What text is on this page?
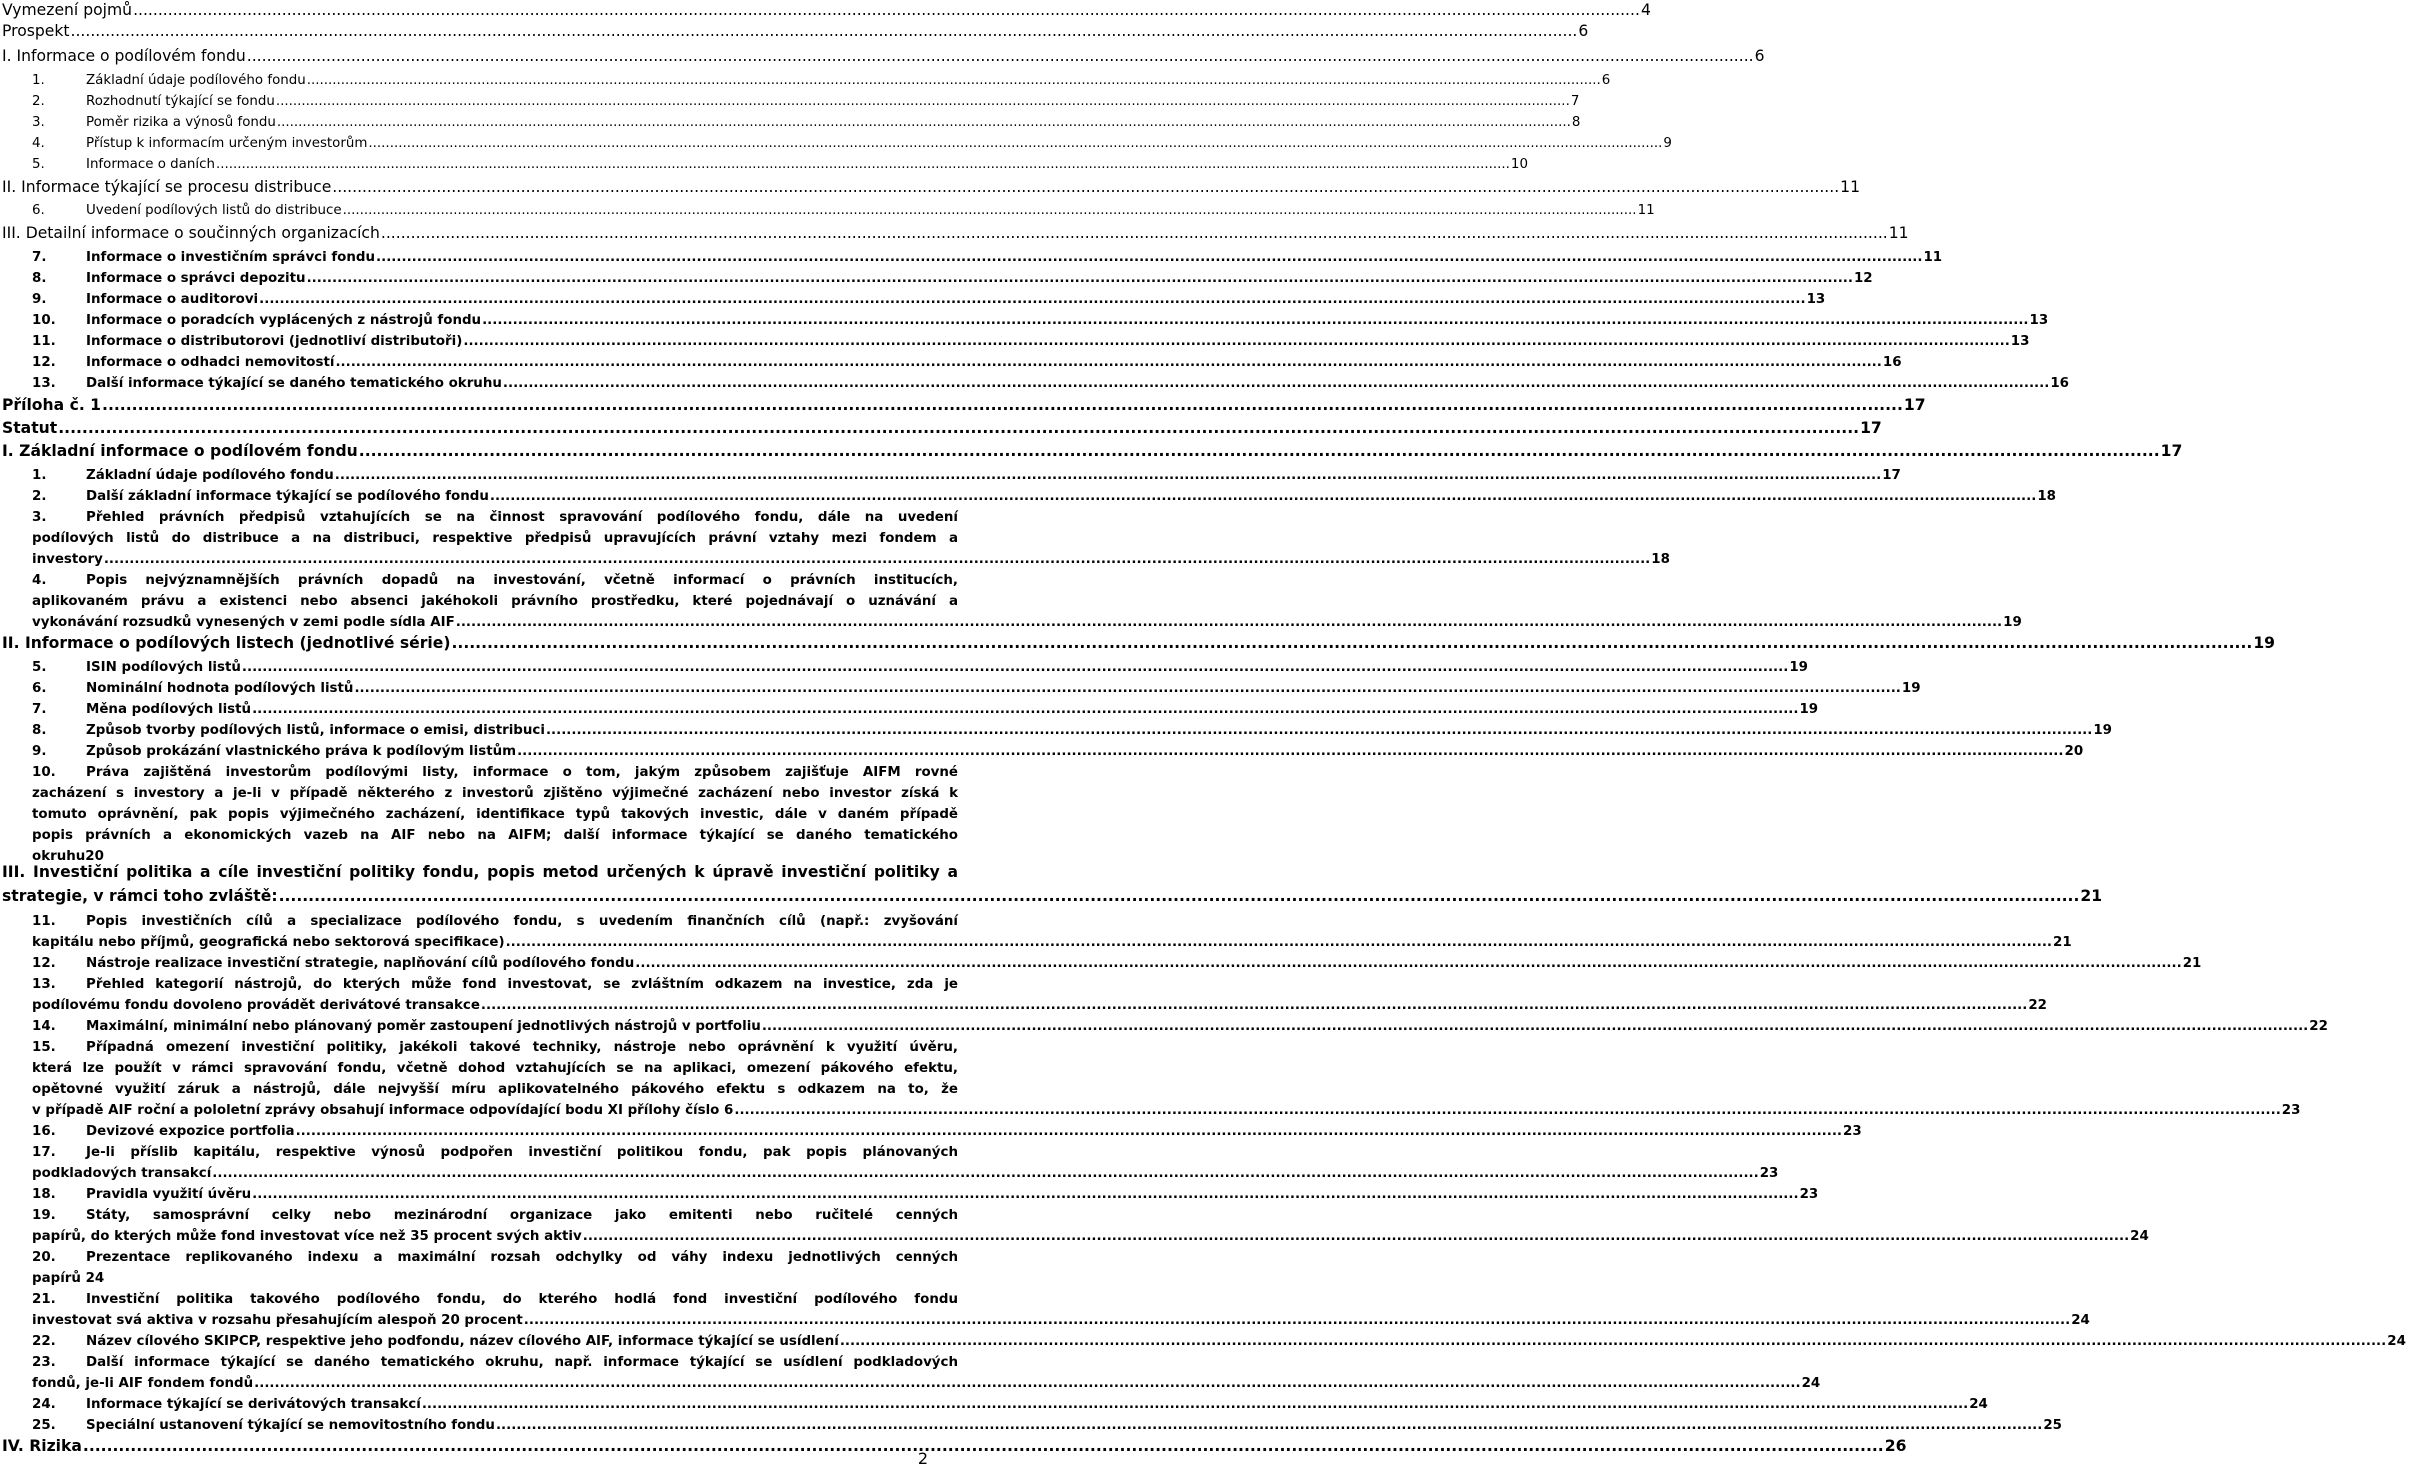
Vymezení pojmů .....	4
Prospekt .....	6
I. Informace o podílovém fondu .....	6
1.	Základní údaje podílového fondu .....	6
2.	Rozhodnutí týkající se fondu .....	7
3.	Poměr rizika a výnosů fondu .....	8
4.	Přístup k informacím určeným investorům .....	9
5.	Informace o daních .....	10
II. Informace týkající se procesu distribuce .....	11
6.	Uvedení podílových listů do distribuce .....	11
III. Detailní informace o součinných organizacích .....	11
7.	Informace o investičním správci fondu .....	11
8.	Informace o správci depozitu .....	12
9.	Informace o auditorovi .....	13
10. Informace o poradcích vyplácených z nástrojů fondu .....	13
11. Informace o distributorovi (jednotliví distributoři) .....	13
12. Informace o odhadci nemovitostí .....	16
13. Další informace týkající se daného tematického okruhu .....	16
Příloha č. 1 .....	17
Statut .....	17
I. Základní informace o podílovém fondu .....	17
1.	Základní údaje podílového fondu .....	17
2.	Další základní informace týkající se podílového fondu .....	18
3.	Přehled právních předpisů vztahujících se na činnost spravování podílového fondu, dále na uvedení
podílových listů do distribuce a na distribuci, respektive předpisů upravujících právní vztahy mezi fondem a
investory .....	18
4.	Popis nejvýznamnějších právních dopadů na investování, včetně informací o právních institucích,
aplikovaném právu a existenci nebo absenci jakéhokoli právního prostředku, které pojednávají o uznávání a
vykonávání rozsudků vynesených v zemi podle sídla AIF .....	19
II. Informace o podílových listech (jednotlivé série) .....	19
5.	ISIN podílových listů .....	19
6.	Nominální hodnota podílových listů .....	19
7.	Měna podílových listů .....	19
8.	Způsob tvorby podílových listů, informace o emisi, distribuci .....	19
9.	Způsob prokázání vlastnického práva k podílovým listům .....	20
10. Práva zajištěná investorům podílovými listy, informace o tom, jakým způsobem zajišťuje AIFM rovné
zacházení s investory a je-li v případě některého z investorů zjištěno výjimečné zacházení nebo investor získá k
tomuto oprávnění, pak popis výjimečného zacházení, identifikace typů takových investic, dále v daném případě
popis právních a ekonomických vazeb na AIF nebo na AIFM; další informace týkající se daného tematického
okruhu20
III. Investiční politika a cíle investiční politiky fondu, popis metod určených k úpravě investiční politiky a
strategie, v rámci toho zvláště: .....	21
11. Popis investičních cílů a specializace podílového fondu, s uvedením finančních cílů (např.: zvyšování
kapitálu nebo příjmů, geografická nebo sektorová specifikace) .....	21
12. Nástroje realizace investiční strategie, naplňování cílů podílového fondu .....	21
13. Přehled kategorií nástrojů, do kterých může fond investovat, se zvláštním odkazem na investice, zda je
podílovému fondu dovoleno provádět derivátové transakce .....	22
14. Maximální, minimální nebo plánovaný poměr zastoupení jednotlivých nástrojů v portfoliu .....	22
15. Případná omezení investiční politiky, jakékoli takové techniky, nástroje nebo oprávnění k využití úvěru,
která lze použít v rámci spravování fondu, včetně dohod vztahujících se na aplikaci, omezení pákového efektu,
opětovné využití záruk a nástrojů, dále nejvyšší míru aplikovatelného pákového efektu s odkazem na to, že
v případě AIF roční a pololetní zprávy obsahují informace odpovídající bodu XI přílohy číslo 6 .....	23
16. Devizové expozice portfolia .....	23
17. Je-li příslib kapitálu, respektive výnosů podpořen investiční politikou fondu, pak popis plánovaných
podkladových transakcí .....	23
18. Pravidla využití úvěru .....	23
19. Státy, samosprávní celky nebo mezinárodní organizace jako emitenti nebo ručitelé cenných
papírů, do kterých může fond investovat více než 35 procent svých aktiv .....	24
20. Prezentace replikovaného indexu a maximální rozsah odchylky od váhy indexu jednotlivých cenných
papírů 24
21. Investiční politika takového podílového fondu, do kterého hodlá fond investiční podílového fondu
investovat svá aktiva v rozsahu přesahujícím alespoň 20 procent .....	24
22. Název cílového SKIPCP, respektive jeho podfondu, název cílového AIF, informace týkající se usídlení .....	24
23. Další informace týkající se daného tematického okruhu, např. informace týkající se usídlení podkladových
fondů, je-li AIF fondem fondů .....	24
24. Informace týkající se derivátových transakcí .....	24
25. Speciální ustanovení týkající se nemovitostního fondu .....	25
IV. Rizika .....	26
2
